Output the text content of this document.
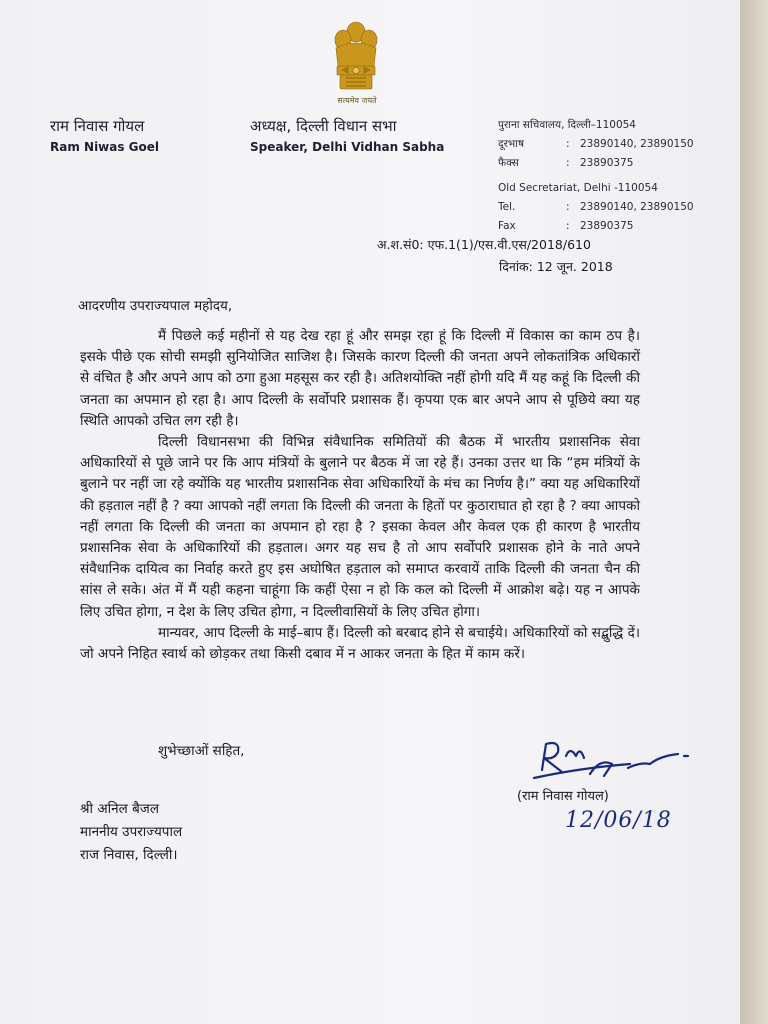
सत्यमेव जयते
राम निवास गोयल
Ram Niwas Goel
अध्यक्ष, दिल्ली विधान सभा
Speaker, Delhi Vidhan Sabha
पुराना सचिवालय, दिल्ली–110054
दूरभाष	: 23890140, 23890150
फैक्स	: 23890375
Old Secretariat, Delhi -110054
Tel.	: 23890140, 23890150
Fax	: 23890375
अ.श.सं0: एफ.1(1)/एस.वी.एस/2018/610
दिनांक: 12 जून. 2018
आदरणीय उपराज्यपाल महोदय,

मैं पिछले कई महीनों से यह देख रहा हूं और समझ रहा हूं कि दिल्ली में विकास का काम ठप है। इसके पीछे एक सोची समझी सुनियोजित साजिश है। जिसके कारण दिल्ली की जनता अपने लोकतांत्रिक अधिकारों से वंचित है और अपने आप को ठगा हुआ महसूस कर रही है। अतिशयोक्ति नहीं होगी यदि मैं यह कहूं कि दिल्ली की जनता का अपमान हो रहा है। आप दिल्ली के सर्वोपरि प्रशासक हैं। कृपया एक बार अपने आप से पूछिये क्या यह स्थिति आपको उचित लग रही है।

दिल्ली विधानसभा की विभिन्न संवैधानिक समितियों की बैठक में भारतीय प्रशासनिक सेवा अधिकारियों से पूछे जाने पर कि आप मंत्रियों के बुलाने पर बैठक में जा रहे हैं। उनका उत्तर था कि “हम मंत्रियों के बुलाने पर नहीं जा रहे क्योंकि यह भारतीय प्रशासनिक सेवा अधिकारियों के मंच का निर्णय है।” क्या यह अधिकारियों की हड़ताल नहीं है ? क्या आपको नहीं लगता कि दिल्ली की जनता के हितों पर कुठाराघात हो रहा है ? क्या आपको नहीं लगता कि दिल्ली की जनता का अपमान हो रहा है ? इसका केवल और केवल एक ही कारण है भारतीय प्रशासनिक सेवा के अधिकारियों की हड़ताल। अगर यह सच है तो आप सर्वोपरि प्रशासक होने के नाते अपने संवैधानिक दायित्व का निर्वाह करते हुए इस अघोषित हड़ताल को समाप्त करवायें ताकि दिल्ली की जनता चैन की सांस ले सके। अंत में मैं यही कहना चाहूंगा कि कहीं ऐसा न हो कि कल को दिल्ली में आक्रोश बढ़े। यह न आपके लिए उचित होगा, न देश के लिए उचित होगा, न दिल्लीवासियों के लिए उचित होगा।

मान्यवर, आप दिल्ली के माई–बाप हैं। दिल्ली को बरबाद होने से बचाईये। अधिकारियों को सद्बुद्धि दें। जो अपने निहित स्वार्थ को छोड़कर तथा किसी दबाव में न आकर जनता के हित में काम करें।

शुभेच्छाओं सहित,
(राम निवास गोयल)
12/06/18
श्री अनिल बैजल
माननीय उपराज्यपाल
राज निवास, दिल्ली।
